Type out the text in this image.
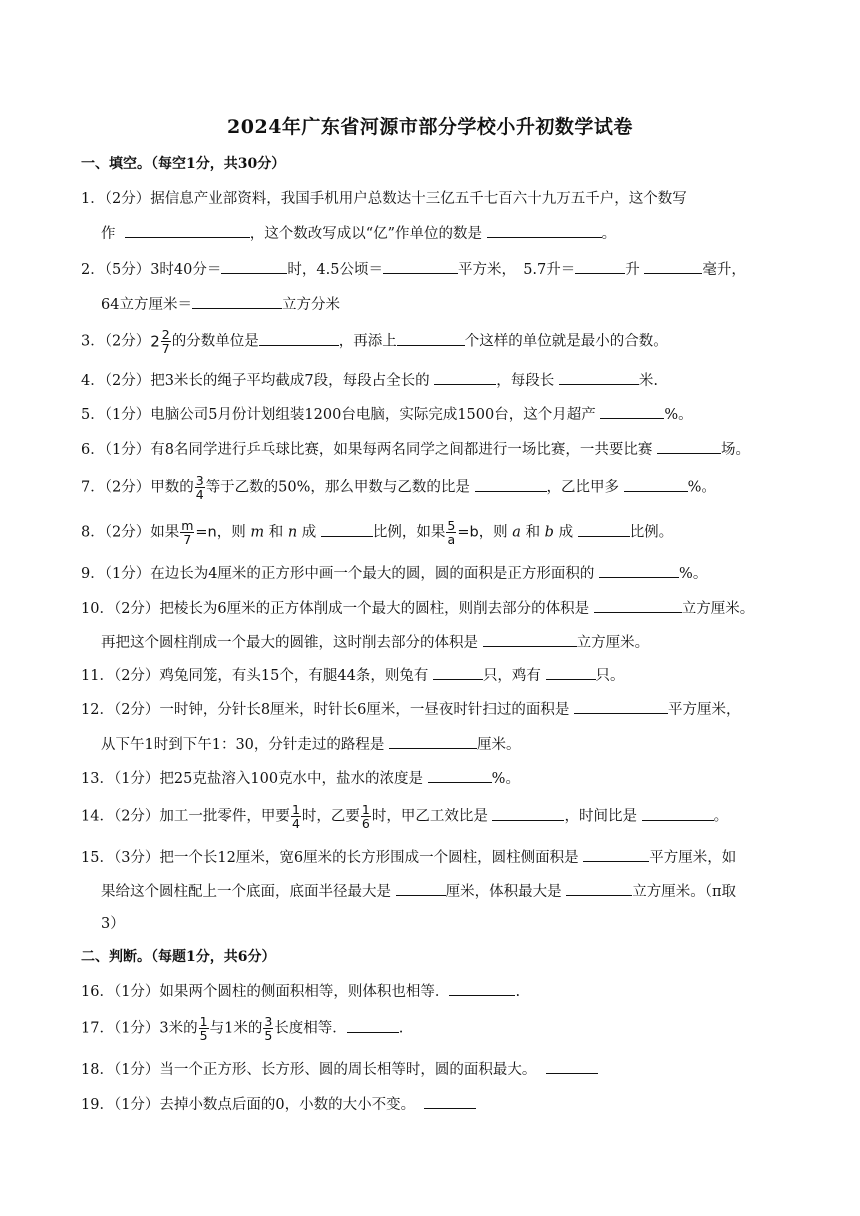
2024年广东省河源市部分学校小升初数学试卷
一、填空。（每空1分，共30分）
1．（2分）据信息产业部资料，我国手机用户总数达十三亿五千七百六十九万五千户，这个数写
作	，这个数改写成以“亿”作单位的数是	。
2．（5分）3时40分＝	时，4.5公顷＝	平方米，　5.7升＝	升	毫升，
64立方厘米＝	立方分米
3．（2分）$2 \frac{2}{7}$ 的分数单位是	，再添上	个这样的单位就是最小的合数。
4．（2分）把3米长的绳子平均截成7段，每段占全长的	，每段长	米.
5．（1分）电脑公司5月份计划组装1200台电脑，实际完成1500台，这个月超产	%。
6．（1分）有8名同学进行乒乓球比赛，如果每两名同学之间都进行一场比赛，一共要比赛	场。
7．（2分）甲数的 $\frac{3}{4}$ 等于乙数的50%，那么甲数与乙数的比是	，乙比甲多	%。
8．（2分）如果 $\frac{m}{7} =n$，则 m 和 n 成	比例，如果 $\frac{5}{a} =b$，则 a 和 b 成	比例。
9．（1分）在边长为4厘米的正方形中画一个最大的圆，圆的面积是正方形面积的	%。
10．（2分）把棱长为6厘米的正方体削成一个最大的圆柱，则削去部分的体积是	立方厘米。
再把这个圆柱削成一个最大的圆锥，这时削去部分的体积是	立方厘米。
11．（2分）鸡兔同笼，有头15个，有腿44条，则兔有	只，鸡有	只。
12．（2分）一时钟，分针长8厘米，时针长6厘米，一昼夜时针扫过的面积是	平方厘米，
从下午1时到下午1：30，分针走过的路程是	厘米。
13．（1分）把25克盐溶入100克水中，盐水的浓度是	%。
14．（2分）加工一批零件，甲要 $\frac{1}{4}$ 时，乙要 $\frac{1}{6}$ 时，甲乙工效比是	，时间比是	。
15．（3分）把一个长12厘米，宽6厘米的长方形围成一个圆柱，圆柱侧面积是	平方厘米，如
果给这个圆柱配上一个底面，底面半径最大是	厘米，体积最大是	立方厘米。（π取
3）
二、判断。（每题1分，共6分）
16．（1分）如果两个圆柱的侧面积相等，则体积也相等．	.
17．（1分）3米的 $\frac{1}{5}$ 与1米的 $\frac{3}{5}$ 长度相等．	.
18．（1分）当一个正方形、长方形、圆的周长相等时，圆的面积最大。
19．（1分）去掉小数点后面的0，小数的大小不变。
